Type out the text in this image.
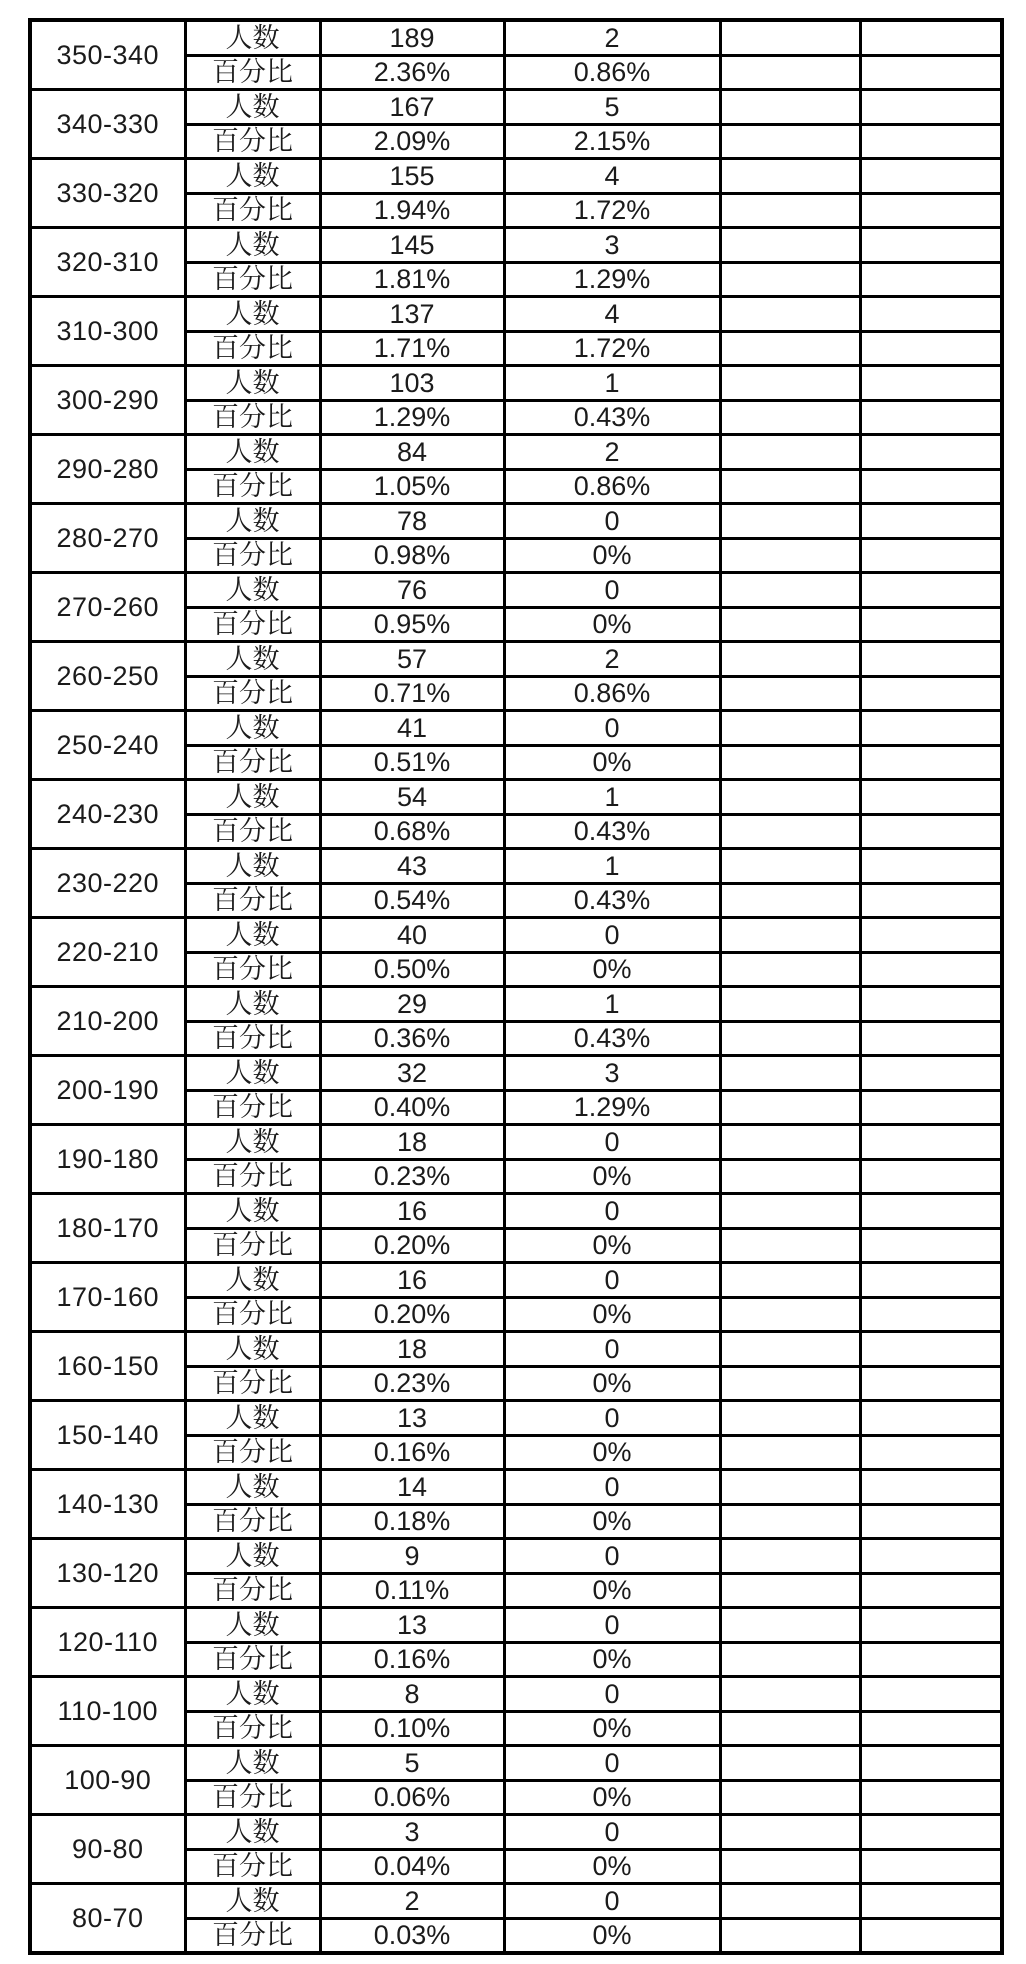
350-340	人数	189	2		
	百分比	2.36%	0.86%		
340-330	人数	167	5		
	百分比	2.09%	2.15%		
330-320	人数	155	4		
	百分比	1.94%	1.72%		
320-310	人数	145	3		
	百分比	1.81%	1.29%		
310-300	人数	137	4		
	百分比	1.71%	1.72%		
300-290	人数	103	1		
	百分比	1.29%	0.43%		
290-280	人数	84	2		
	百分比	1.05%	0.86%		
280-270	人数	78	0		
	百分比	0.98%	0%		
270-260	人数	76	0		
	百分比	0.95%	0%		
260-250	人数	57	2		
	百分比	0.71%	0.86%		
250-240	人数	41	0		
	百分比	0.51%	0%		
240-230	人数	54	1		
	百分比	0.68%	0.43%		
230-220	人数	43	1		
	百分比	0.54%	0.43%		
220-210	人数	40	0		
	百分比	0.50%	0%		
210-200	人数	29	1		
	百分比	0.36%	0.43%		
200-190	人数	32	3		
	百分比	0.40%	1.29%		
190-180	人数	18	0		
	百分比	0.23%	0%		
180-170	人数	16	0		
	百分比	0.20%	0%		
170-160	人数	16	0		
	百分比	0.20%	0%		
160-150	人数	18	0		
	百分比	0.23%	0%		
150-140	人数	13	0		
	百分比	0.16%	0%		
140-130	人数	14	0		
	百分比	0.18%	0%		
130-120	人数	9	0		
	百分比	0.11%	0%		
120-110	人数	13	0		
	百分比	0.16%	0%		
110-100	人数	8	0		
	百分比	0.10%	0%		
100-90	人数	5	0		
	百分比	0.06%	0%		
90-80	人数	3	0		
	百分比	0.04%	0%		
80-70	人数	2	0		
	百分比	0.03%	0%		
